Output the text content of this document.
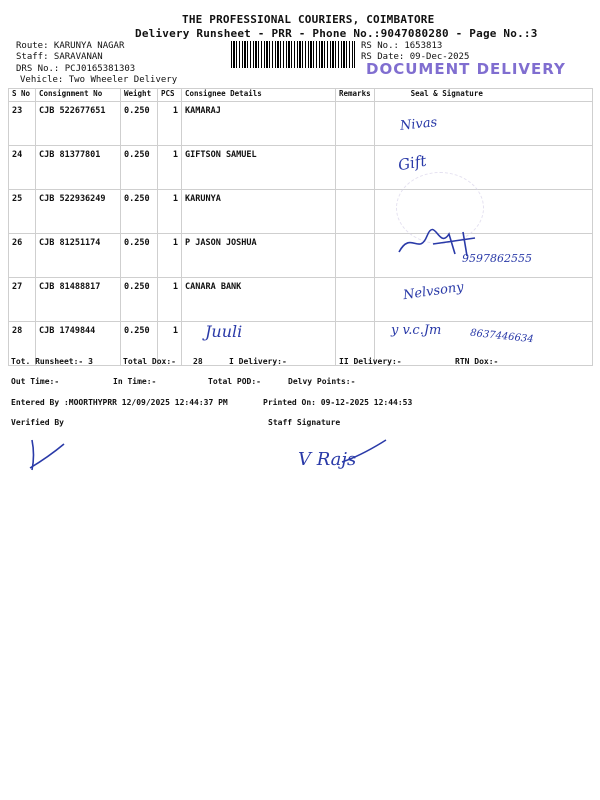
THE PROFESSIONAL COURIERS, COIMBATORE
Delivery Runsheet - PRR - Phone No.:9047080280 - Page No.:3
Route: KARUNYA NAGAR
Staff: SARAVANAN
DRS No.: PCJ0165381303
Vehicle: Two Wheeler Delivery
RS No.: 1653813
RS Date: 09-Dec-2025
DOCUMENT DELIVERY
S No	Consignment No	Weight	PCS	Consignee Details	Remarks	Seal & Signature
23	CJB 522677651	0.250	1	KAMARAJ		
24	CJB 81377801	0.250	1	GIFTSON SAMUEL		
25	CJB 522936249	0.250	1	KARUNYA		
26	CJB 81251174	0.250	1	P JASON JOSHUA		
27	CJB 81488817	0.250	1	CANARA BANK		
28	CJB 1749844	0.250	1			
Nivas
Gift
9597862555
Nelvsony
Juuli	y v.c.Jm	8637446634
Tot. Runsheet:- 3	Total Dox:- 28	I Delivery:-	II Delivery:-	RTN Dox:-
Out Time:-	In Time:-	Total POD:-	Delvy Points:-
Entered By :MOORTHYPRR 12/09/2025 12:44:37 PM	Printed On: 09-12-2025 12:44:53
Verified By	Staff Signature
V Rajs
